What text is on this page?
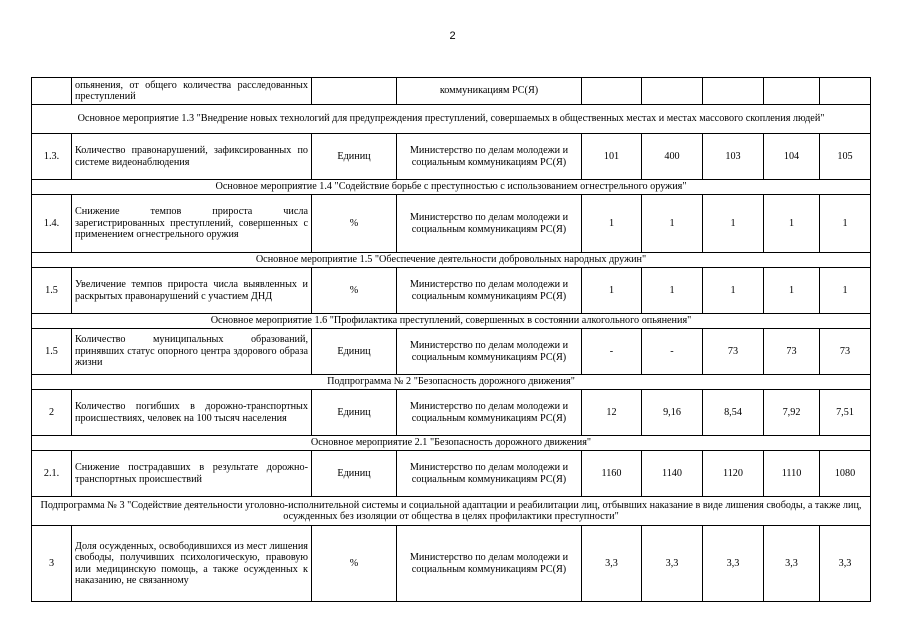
2
	опьянения, от общего количества расследованных преступлений		коммуникациям РС(Я)					
Основное мероприятие 1.3 "Внедрение новых технологий для предупреждения преступлений, совершаемых в общественных местах и местах массового скопления людей"								
1.3.	Количество правонарушений, зафиксированных по системе видеонаблюдения	Единиц	Министерство по делам молодежи и социальным коммуникациям РС(Я)	101	400	103	104	105
Основное мероприятие 1.4 "Содействие борьбе с преступностью с использованием огнестрельного оружия"								
1.4.	Снижение темпов прироста числа зарегистрированных преступлений, совершенных с применением огнестрельного оружия	%	Министерство по делам молодежи и социальным коммуникациям РС(Я)	1	1	1	1	1
Основное мероприятие 1.5 "Обеспечение деятельности добровольных народных дружин"								
1.5	Увеличение темпов прироста числа выявленных и раскрытых правонарушений с участием ДНД	%	Министерство по делам молодежи и социальным коммуникациям РС(Я)	1	1	1	1	1
Основное мероприятие 1.6 "Профилактика преступлений, совершенных в состоянии алкогольного опьянения"								
1.5	Количество муниципальных образований, принявших статус опорного центра здорового образа жизни	Единиц	Министерство по делам молодежи и социальным коммуникациям РС(Я)	-	-	73	73	73
Подпрограмма № 2 "Безопасность дорожного движения"								
2	Количество погибших в дорожно-транспортных происшествиях, человек на 100 тысяч населения	Единиц	Министерство по делам молодежи и социальным коммуникациям РС(Я)	12	9,16	8,54	7,92	7,51
Основное мероприятие 2.1 "Безопасность дорожного движения"								
2.1.	Снижение пострадавших в результате дорожно-транспортных происшествий	Единиц	Министерство по делам молодежи и социальным коммуникациям РС(Я)	1160	1140	1120	1110	1080
Подпрограмма № 3 "Содействие деятельности уголовно-исполнительной системы и социальной адаптации и реабилитации лиц, отбывших наказание в виде лишения свободы, а также лиц, осужденных без изоляции от общества в целях профилактики преступности"								
3	Доля осужденных, освободившихся из мест лишения свободы, получивших психологическую, правовую или медицинскую помощь, а также осужденных к наказанию, не связанному	%	Министерство по делам молодежи и социальным коммуникациям РС(Я)	3,3	3,3	3,3	3,3	3,3
